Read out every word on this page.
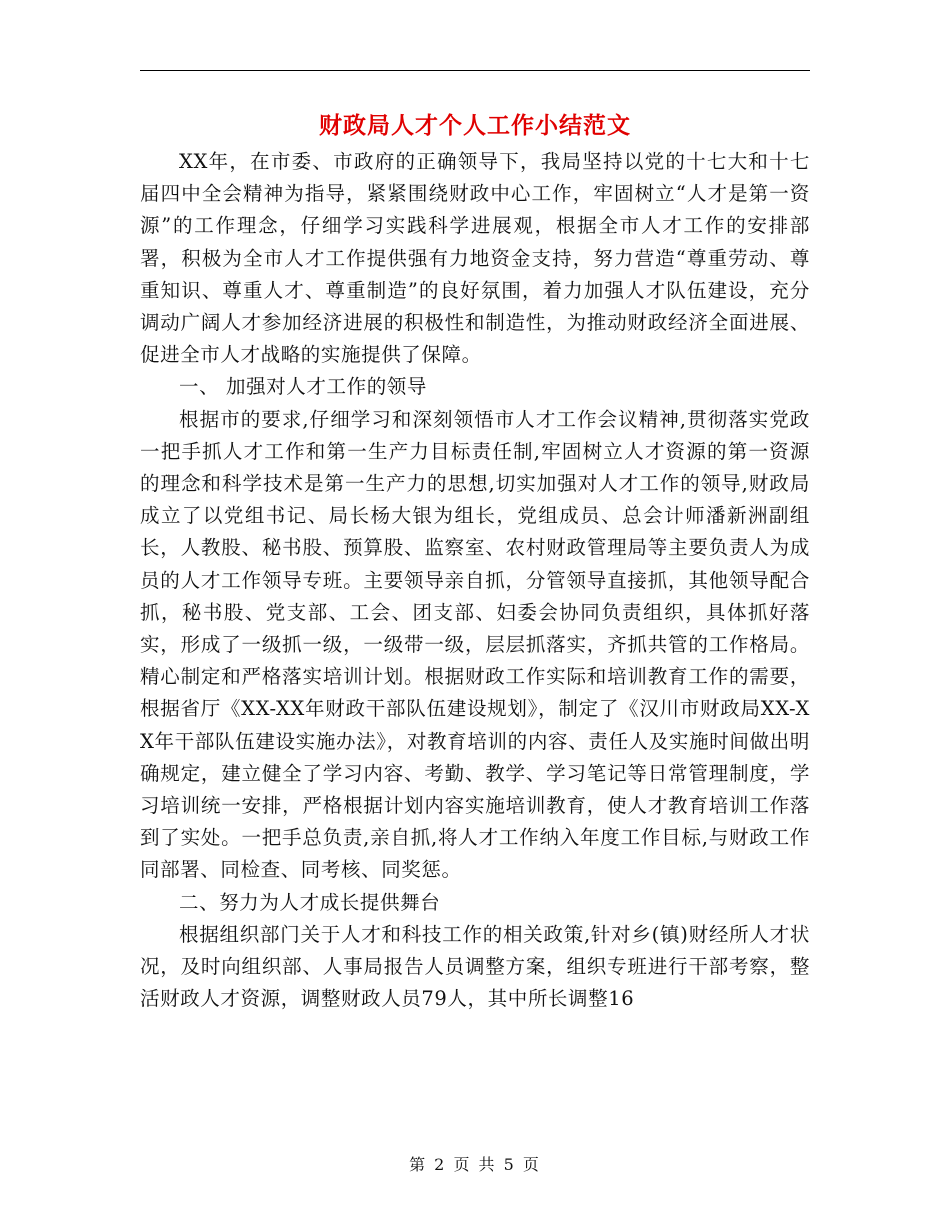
财政局人才个人工作小结范文

XX年，在市委、市政府的正确领导下，我局坚持以党的十七大和十七届四中全会精神为指导，紧紧围绕财政中心工作，牢固树立“人才是第一资源”的工作理念，仔细学习实践科学进展观，根据全市人才工作的安排部署，积极为全市人才工作提供强有力地资金支持，努力营造“尊重劳动、尊重知识、尊重人才、尊重制造”的良好氛围，着力加强人才队伍建设，充分调动广阔人才参加经济进展的积极性和制造性，为推动财政经济全面进展、促进全市人才战略的实施提供了保障。

一、 加强对人才工作的领导

根据市的要求,仔细学习和深刻领悟市人才工作会议精神,贯彻落实党政一把手抓人才工作和第一生产力目标责任制,牢固树立人才资源的第一资源的理念和科学技术是第一生产力的思想,切实加强对人才工作的领导,财政局成立了以党组书记、局长杨大银为组长，党组成员、总会计师潘新洲副组长，人教股、秘书股、预算股、监察室、农村财政管理局等主要负责人为成员的人才工作领导专班。主要领导亲自抓，分管领导直接抓，其他领导配合抓，秘书股、党支部、工会、团支部、妇委会协同负责组织，具体抓好落实，形成了一级抓一级，一级带一级，层层抓落实，齐抓共管的工作格局。精心制定和严格落实培训计划。根据财政工作实际和培训教育工作的需要，根据省厅《XX-XX年财政干部队伍建设规划》，制定了《汉川市财政局XX-XX年干部队伍建设实施办法》，对教育培训的内容、责任人及实施时间做出明确规定，建立健全了学习内容、考勤、教学、学习笔记等日常管理制度，学习培训统一安排，严格根据计划内容实施培训教育，使人才教育培训工作落到了实处。一把手总负责,亲自抓,将人才工作纳入年度工作目标,与财政工作同部署、同检查、同考核、同奖惩。

二、努力为人才成长提供舞台

根据组织部门关于人才和科技工作的相关政策,针对乡(镇)财经所人才状况，及时向组织部、人事局报告人员调整方案，组织专班进行干部考察，整活财政人才资源，调整财政人员79人，其中所长调整16

第 2 页 共 5 页
